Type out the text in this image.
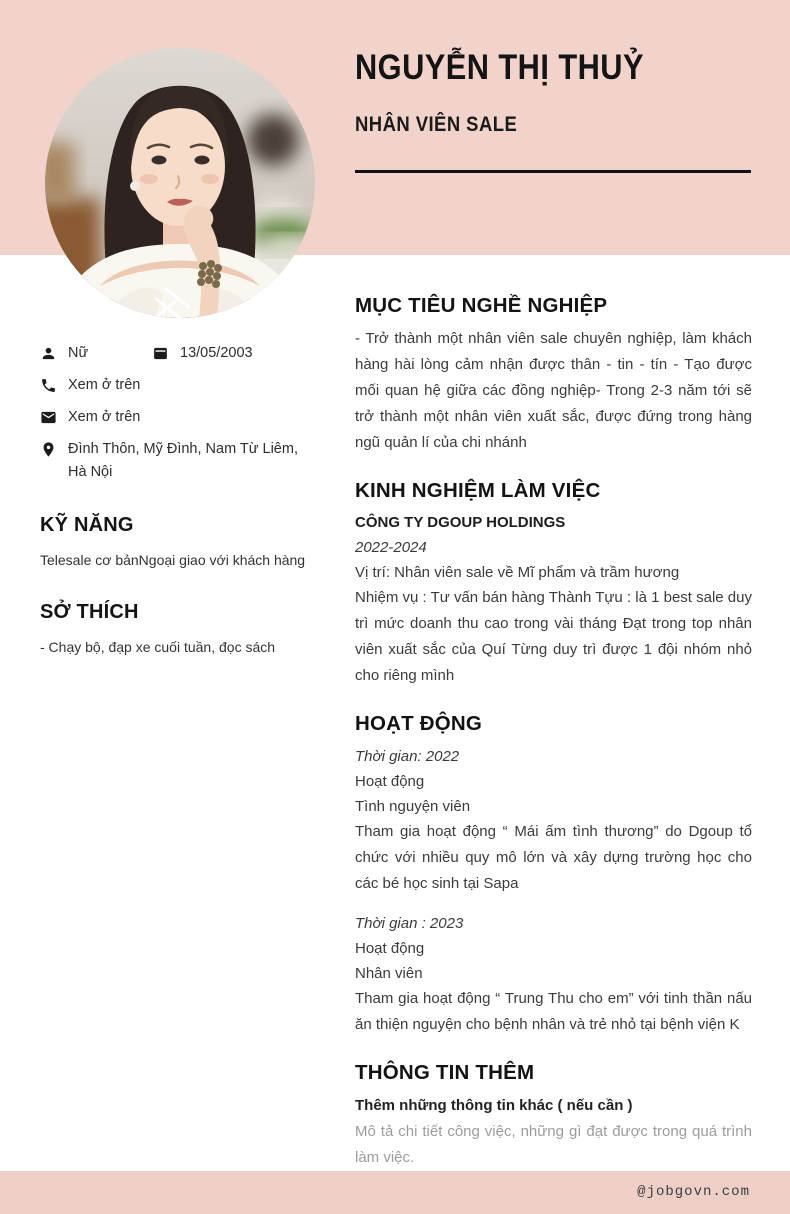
NGUYỄN THỊ THUỶ
NHÂN VIÊN SALE
Nữ	13/05/2003
Xem ở trên
Xem ở trên
Đình Thôn, Mỹ Đình, Nam Từ Liêm, Hà Nội
KỸ NĂNG

Telesale cơ bảnNgoại giao với khách hàng

SỞ THÍCH

- Chạy bộ, đạp xe cuối tuần, đọc sách

MỤC TIÊU NGHỀ NGHIỆP

- Trở thành một nhân viên sale chuyên nghiệp, làm khách hàng hài lòng cảm nhận được thân - tin - tín - Tạo được mối quan hệ giữa các đồng nghiệp- Trong 2-3 năm tới sẽ trở thành một nhân viên xuất sắc, được đứng trong hàng ngũ quản lí của chi nhánh

KINH NGHIỆM LÀM VIỆC
CÔNG TY DGOUP HOLDINGS
2022-2024
Vị trí: Nhân viên sale về Mĩ phẩm và trầm hương

Nhiệm vụ : Tư vấn bán hàng Thành Tựu : là 1 best sale duy trì mức doanh thu cao trong vài tháng Đạt trong top nhân viên xuất sắc của Quí Từng duy trì được 1 đội nhóm nhỏ cho riêng mình

HOẠT ĐỘNG
Thời gian: 2022
Hoạt động
Tình nguyện viên

Tham gia hoạt động “ Mái ấm tình thương” do Dgoup tổ chức với nhiều quy mô lớn và xây dựng trường học cho các bé học sinh tại Sapa

Thời gian : 2023
Hoạt động
Nhân viên

Tham gia hoạt động “ Trung Thu cho em” với tinh thần nấu ăn thiện nguyện cho bệnh nhân và trẻ nhỏ tại bệnh viện K

THÔNG TIN THÊM
Thêm những thông tin khác ( nếu cần )

Mô tả chi tiết công việc, những gì đạt được trong quá trình làm việc.

@jobgovn.com
